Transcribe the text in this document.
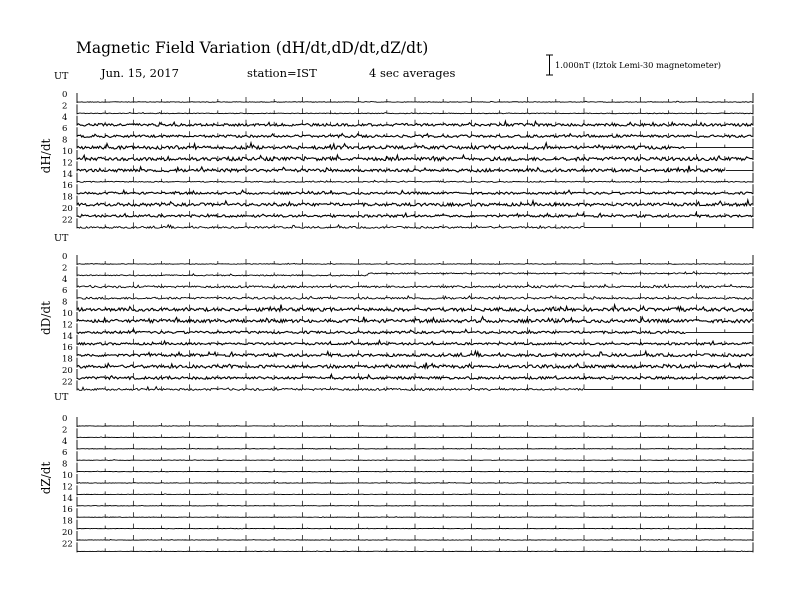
Magnetic Field Variation (dH/dt,dD/dt,dZ/dt)
Jun. 15, 2017	station=IST	4 sec averages
1.000nT (Iztok Lemi-30 magnetometer)
UT
dH/dt
0
2
4
6
8
10
12
14
16
18
20
22
UT
dD/dt
0
2
4
6
8
10
12
14
16
18
20
22
UT
dZ/dt
0
2
4
6
8
10
12
14
16
18
20
22
